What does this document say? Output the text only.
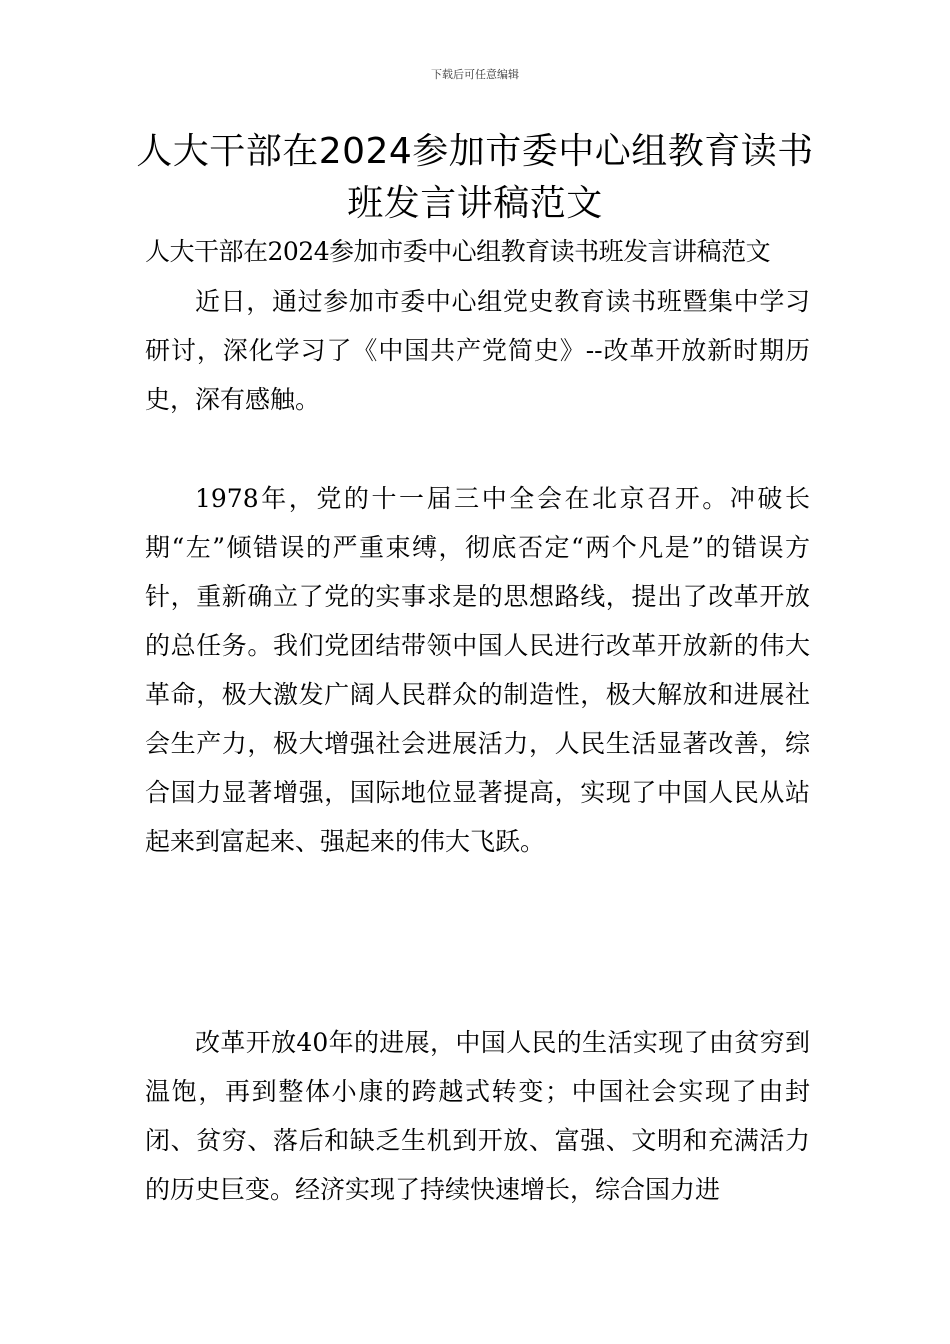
下载后可任意编辑
人大干部在2024参加市委中心组教育读书班发言讲稿范文
人大干部在2024参加市委中心组教育读书班发言讲稿范文

近日，通过参加市委中心组党史教育读书班暨集中学习研讨，深化学习了《中国共产党简史》--改革开放新时期历史，深有感触。

1978年，党的十一届三中全会在北京召开。冲破长期“左”倾错误的严重束缚，彻底否定“两个凡是”的错误方针，重新确立了党的实事求是的思想路线，提出了改革开放的总任务。我们党团结带领中国人民进行改革开放新的伟大革命，极大激发广阔人民群众的制造性，极大解放和进展社会生产力，极大增强社会进展活力，人民生活显著改善，综合国力显著增强，国际地位显著提高，实现了中国人民从站起来到富起来、强起来的伟大飞跃。

改革开放40年的进展，中国人民的生活实现了由贫穷到温饱，再到整体小康的跨越式转变；中国社会实现了由封闭、贫穷、落后和缺乏生机到开放、富强、文明和充满活力的历史巨变。经济实现了持续快速增长，综合国力进
